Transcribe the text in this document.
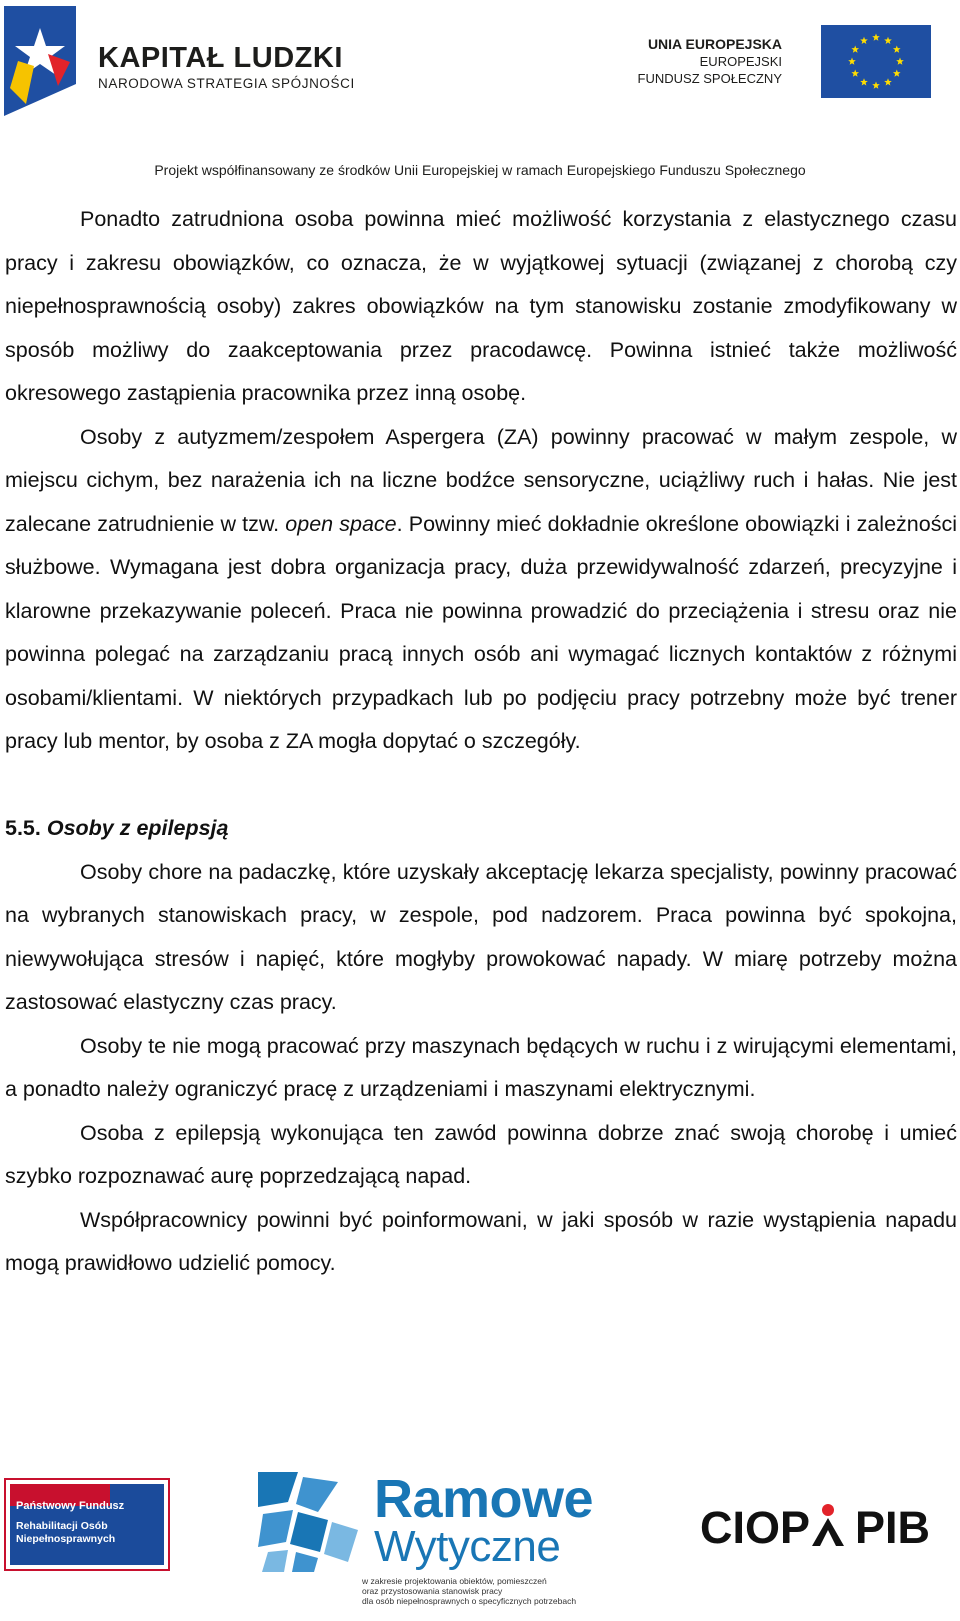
KAPITAŁ LUDZKI
NARODOWA STRATEGIA SPÓJNOŚCI
UNIA EUROPEJSKA
EUROPEJSKI
FUNDUSZ SPOŁECZNY
Projekt współfinansowany ze środków Unii Europejskiej w ramach Europejskiego Funduszu Społecznego

Ponadto zatrudniona osoba powinna mieć możliwość korzystania z elastycznego czasu pracy i zakresu obowiązków, co oznacza, że w wyjątkowej sytuacji (związanej z chorobą czy niepełnosprawnością osoby) zakres obowiązków na tym stanowisku zostanie zmodyfikowany w sposób możliwy do zaakceptowania przez pracodawcę. Powinna istnieć także możliwość okresowego zastąpienia pracownika przez inną osobę.

Osoby z autyzmem/zespołem Aspergera (ZA) powinny pracować w małym zespole, w miejscu cichym, bez narażenia ich na liczne bodźce sensoryczne, uciążliwy ruch i hałas. Nie jest zalecane zatrudnienie w tzw. open space. Powinny mieć dokładnie określone obowiązki i zależności służbowe. Wymagana jest dobra organizacja pracy, duża przewidywalność zdarzeń, precyzyjne i klarowne przekazywanie poleceń. Praca nie powinna prowadzić do przeciążenia i stresu oraz nie powinna polegać na zarządzaniu pracą innych osób ani wymagać licznych kontaktów z różnymi osobami/klientami. W niektórych przypadkach lub po podjęciu pracy potrzebny może być trener pracy lub mentor, by osoba z ZA mogła dopytać o szczegóły.

5.5. Osoby z epilepsją

Osoby chore na padaczkę, które uzyskały akceptację lekarza specjalisty, powinny pracować na wybranych stanowiskach pracy, w zespole, pod nadzorem. Praca powinna być spokojna, niewywołująca stresów i napięć, które mogłyby prowokować napady. W miarę potrzeby można zastosować elastyczny czas pracy.

Osoby te nie mogą pracować przy maszynach będących w ruchu i z wirującymi elementami, a ponadto należy ograniczyć pracę z urządzeniami i maszynami elektrycznymi.

Osoba z epilepsją wykonująca ten zawód powinna dobrze znać swoją chorobę i umieć szybko rozpoznawać aurę poprzedzającą napad.

Współpracownicy powinni być poinformowani, w jaki sposób w razie wystąpienia napadu mogą prawidłowo udzielić pomocy.

Państwowy Fundusz
Rehabilitacji Osób
Niepełnosprawnych
Ramowe
Wytyczne
w zakresie projektowania obiektów, pomieszczeń
oraz przystosowania stanowisk pracy
dla osób niepełnosprawnych o specyficznych potrzebach
CIOP PIB
